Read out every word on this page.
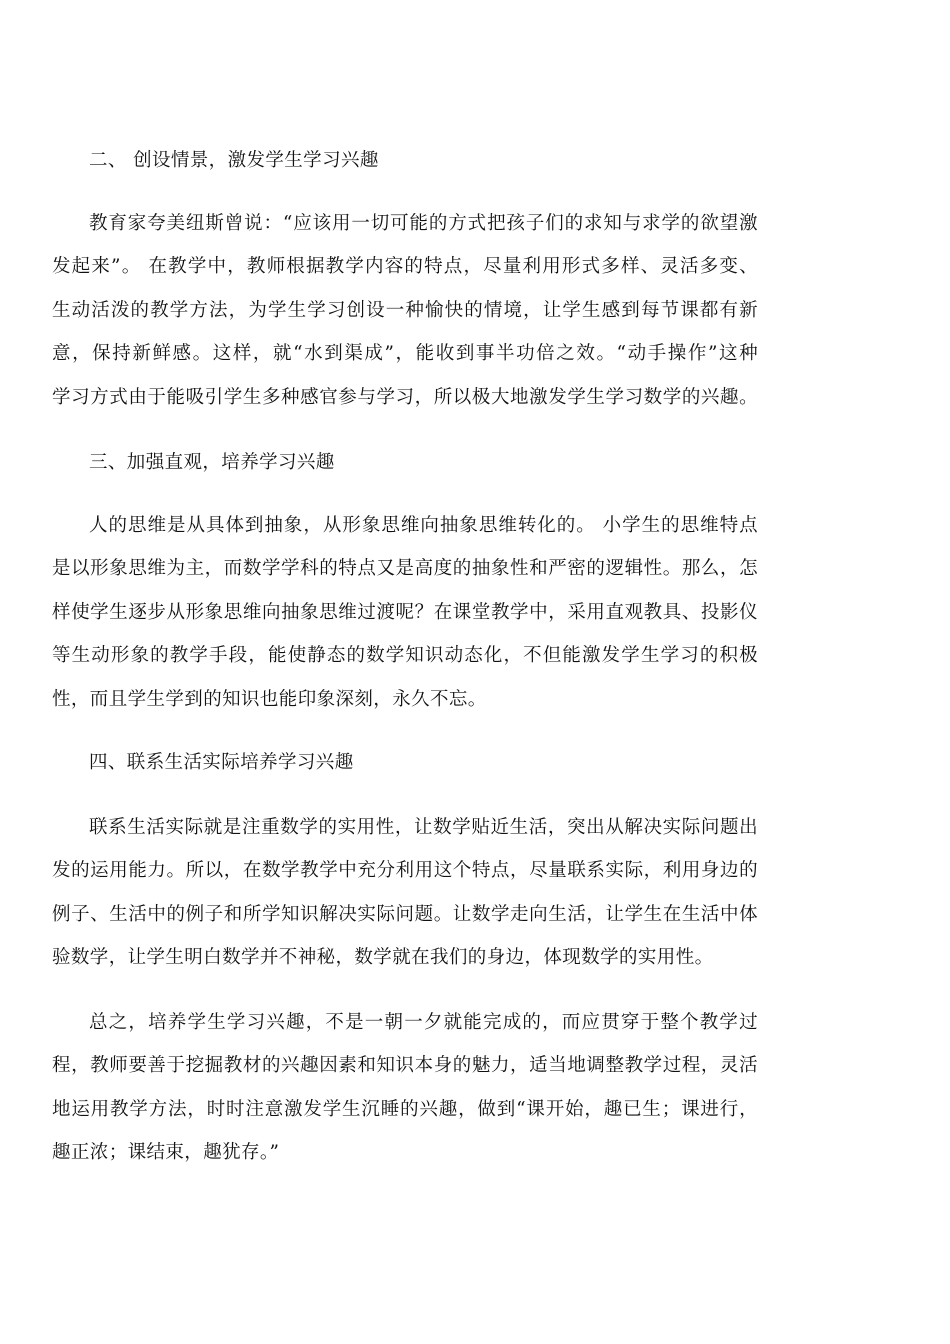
二、 创设情景，激发学生学习兴趣
教育家夸美纽斯曾说：“应该用一切可能的方式把孩子们的求知与求学的欲望激
发起来”。 在教学中，教师根据教学内容的特点，尽量利用形式多样、灵活多变、
生动活泼的教学方法，为学生学习创设一种愉快的情境，让学生感到每节课都有新
意，保持新鲜感。这样，就“水到渠成”，能收到事半功倍之效。“动手操作”这种
学习方式由于能吸引学生多种感官参与学习，所以极大地激发学生学习数学的兴趣。
三、加强直观，培养学习兴趣
人的思维是从具体到抽象，从形象思维向抽象思维转化的。 小学生的思维特点
是以形象思维为主，而数学学科的特点又是高度的抽象性和严密的逻辑性。那么，怎
样使学生逐步从形象思维向抽象思维过渡呢？在课堂教学中，采用直观教具、投影仪
等生动形象的教学手段，能使静态的数学知识动态化，不但能激发学生学习的积极
性，而且学生学到的知识也能印象深刻，永久不忘。
四、联系生活实际培养学习兴趣
联系生活实际就是注重数学的实用性，让数学贴近生活，突出从解决实际问题出
发的运用能力。所以，在数学教学中充分利用这个特点，尽量联系实际，利用身边的
例子、生活中的例子和所学知识解决实际问题。让数学走向生活，让学生在生活中体
验数学，让学生明白数学并不神秘，数学就在我们的身边，体现数学的实用性。
总之，培养学生学习兴趣，不是一朝一夕就能完成的，而应贯穿于整个教学过
程，教师要善于挖掘教材的兴趣因素和知识本身的魅力，适当地调整教学过程，灵活
地运用教学方法，时时注意激发学生沉睡的兴趣，做到“课开始，趣已生；课进行，
趣正浓；课结束，趣犹存。”
